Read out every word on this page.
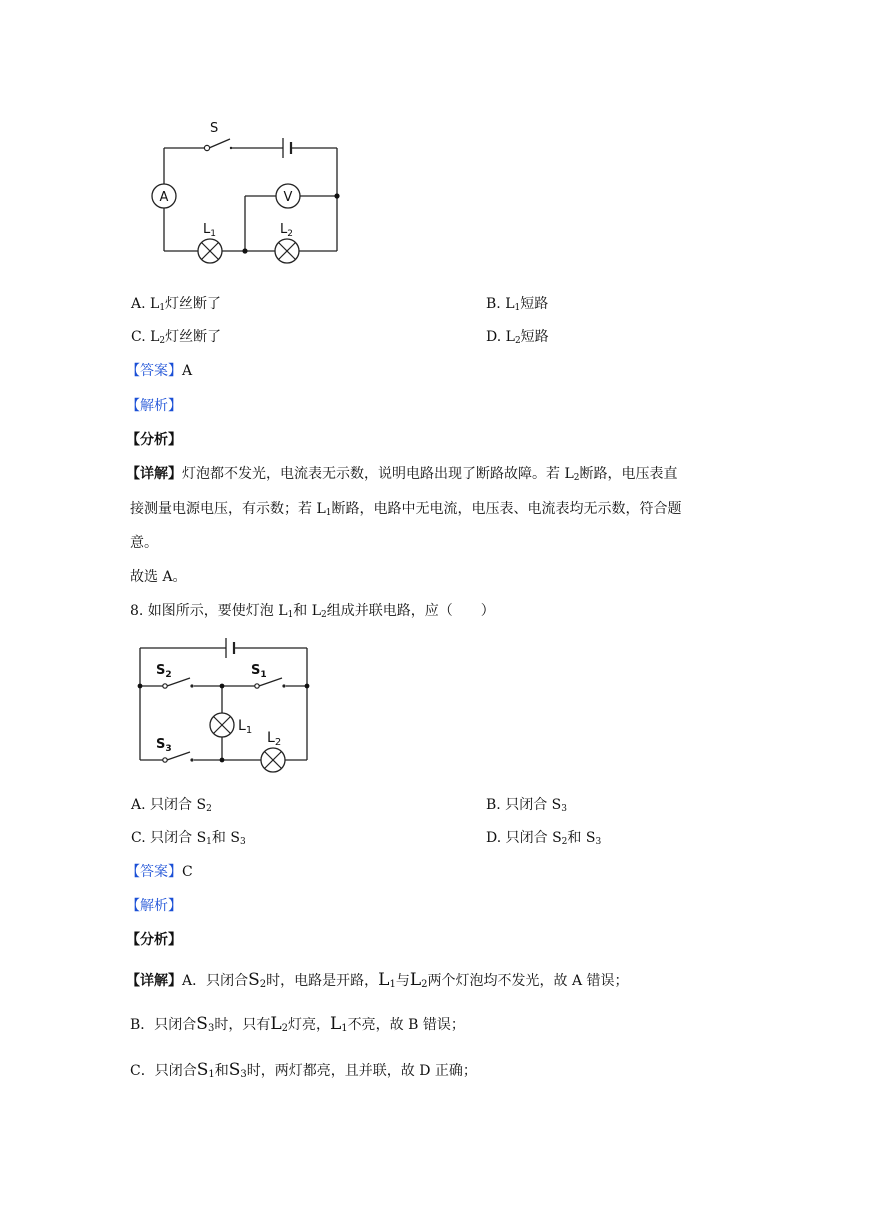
A	V
S
$L_1$	$L_2$
A. $L_1$灯丝断了	B. $L_1$短路
C. $L_2$灯丝断了	D. $L_2$短路
【答案】A
【解析】
【分析】
【详解】灯泡都不发光，电流表无示数，说明电路出现了断路故障。若 $L_2$断路，电压表直
接测量电源电压，有示数；若 $L_1$断路，电路中无电流，电压表、电流表均无示数，符合题
意。
故选 A。
8. 如图所示，要使灯泡 $L_1$和 $L_2$组成并联电路，应（　　）
$S_2$	$S_1$
$S_3$
$L_1$ $L_2$
A. 只闭合 $S_2$	B. 只闭合 $S_3$
C. 只闭合 $S_1$和 $S_3$	D. 只闭合 $S_2$和 $S_3$
【答案】C
【解析】
【分析】
【详解】A．只闭合$S_2$时，电路是开路，$L_1$与$L_2$两个灯泡均不发光，故 A 错误；
B．只闭合$S_3$时，只有$L_2$灯亮，$L_1$不亮，故 B 错误；
C．只闭合$S_1$和$S_3$时，两灯都亮，且并联，故 D 正确；
